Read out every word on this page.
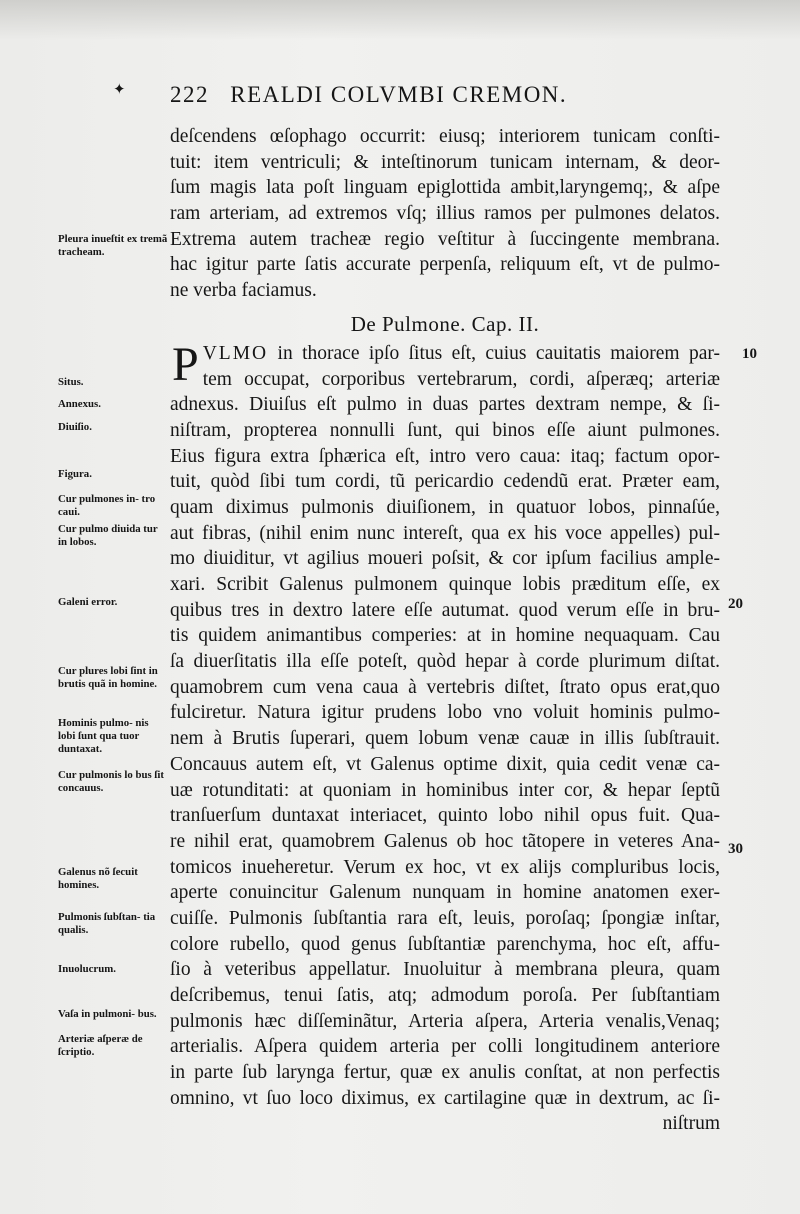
✦ 222 REALDI COLVMBI CREMON.
deſcendens œſophago occurrit: eiusq; interiorem tunicam conſti-
tuit: item ventriculi; & inteſtinorum tunicam internam, & deor-
ſum magis lata poſt linguam epiglottida ambit,laryngemq;, & aſpe
ram arteriam, ad extremos vſq; illius ramos per pulmones delatos.
Extrema autem tracheæ regio veſtitur à ſuccingente membrana.
hac igitur parte ſatis accurate perpenſa, reliquum eſt, vt de pulmo-
ne verba faciamus.
De Pulmone. Cap. II.
P VLMO in thorace ipſo ſitus eſt, cuius cauitatis maiorem par-
tem occupat, corporibus vertebrarum, cordi, aſperæq; arteriæ
adnexus. Diuiſus eſt pulmo in duas partes dextram nempe, & ſi-
niſtram, propterea nonnulli ſunt, qui binos eſſe aiunt pulmones.
Eius figura extra ſphærica eſt, intro vero caua: itaq; factum opor-
tuit, quòd ſibi tum cordi, tũ pericardio cedendũ erat. Præter eam,
quam diximus pulmonis diuiſionem, in quatuor lobos, pinnaſúe,
aut fibras, (nihil enim nunc intereſt, qua ex his voce appelles) pul-
mo diuiditur, vt agilius moueri poſsit, & cor ipſum facilius ample-
xari. Scribit Galenus pulmonem quinque lobis præditum eſſe, ex
quibus tres in dextro latere eſſe autumat. quod verum eſſe in bru-
tis quidem animantibus comperies: at in homine nequaquam. Cau
ſa diuerſitatis illa eſſe poteſt, quòd hepar à corde plurimum diſtat.
quamobrem cum vena caua à vertebris diſtet, ſtrato opus erat,quo
fulciretur. Natura igitur prudens lobo vno voluit hominis pulmo-
nem à Brutis ſuperari, quem lobum venæ cauæ in illis ſubſtrauit.
Concauus autem eſt, vt Galenus optime dixit, quia cedit venæ ca-
uæ rotunditati: at quoniam in hominibus inter cor, & hepar ſeptũ
tranſuerſum duntaxat interiacet, quinto lobo nihil opus fuit. Qua-
re nihil erat, quamobrem Galenus ob hoc tãtopere in veteres Ana-
tomicos inueheretur. Verum ex hoc, vt ex alijs compluribus locis,
aperte conuincitur Galenum nunquam in homine anatomen exer-
cuiſſe. Pulmonis ſubſtantia rara eſt, leuis, poroſaq; ſpongiæ inſtar,
colore rubello, quod genus ſubſtantiæ parenchyma, hoc eſt, affu-
ſio à veteribus appellatur. Inuoluitur à membrana pleura, quam
deſcribemus, tenui ſatis, atq; admodum poroſa. Per ſubſtantiam
pulmonis hæc diſſeminãtur, Arteria aſpera, Arteria venalis,Venaq;
arterialis. Aſpera quidem arteria per colli longitudinem anteriore
in parte ſub larynga fertur, quæ ex anulis conſtat, at non perfectis
omnino, vt ſuo loco diximus, ex cartilagine quæ in dextrum, ac ſi-
niſtrum
Pleura inueſtit ex tremã tracheam.
Situs.
Annexus.
Diuiſio.
Figura.
Cur pulmones in- tro caui.
Cur pulmo diuida tur in lobos.
Galeni error.
Cur plures lobi ſint in brutis quã in homine.
Hominis pulmo- nis lobi ſunt qua tuor duntaxat.
Cur pulmonis lo bus ſit concauus.
Galenus nõ ſecuit homines.
Pulmonis ſubſtan- tia qualis.
Inuolucrum.
Vaſa in pulmoni- bus.
Arteriæ aſperæ de ſcriptio.
10
20
30
